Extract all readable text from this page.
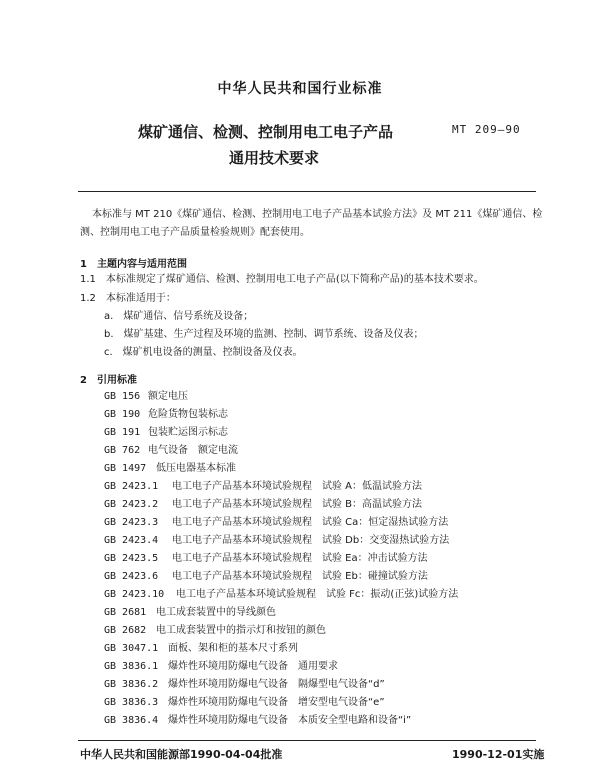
中华人民共和国行业标准
煤矿通信、检测、控制用电工电子产品
通用技术要求
MT 209—90
本标准与 MT 210《煤矿通信、检测、控制用电工电子产品基本试验方法》及 MT 211《煤矿通信、检
测、控制用电工电子产品质量检验规则》配套使用。
1　主题内容与适用范围
1.1　本标准规定了煤矿通信、检测、控制用电工电子产品(以下简称产品)的基本技术要求。
1.2　本标准适用于：
a.　煤矿通信、信号系统及设备；
b.　煤矿基建、生产过程及环境的监测、控制、调节系统、设备及仪表；
c.　煤矿机电设备的测量、控制设备及仪表。
2　引用标准
GB 156 额定电压
GB 190 危险货物包装标志
GB 191 包装贮运图示标志
GB 762 电气设备　额定电流
GB 1497 低压电器基本标准
GB 2423.1 电工电子产品基本环境试验规程　试验 A：低温试验方法
GB 2423.2 电工电子产品基本环境试验规程　试验 B：高温试验方法
GB 2423.3 电工电子产品基本环境试验规程　试验 Ca：恒定湿热试验方法
GB 2423.4 电工电子产品基本环境试验规程　试验 Db：交变湿热试验方法
GB 2423.5 电工电子产品基本环境试验规程　试验 Ea：冲击试验方法
GB 2423.6 电工电子产品基本环境试验规程　试验 Eb：碰撞试验方法
GB 2423.10 电工电子产品基本环境试验规程　试验 Fc：振动(正弦)试验方法
GB 2681 电工成套装置中的导线颜色
GB 2682 电工成套装置中的指示灯和按钮的颜色
GB 3047.1 面板、架和柜的基本尺寸系列
GB 3836.1 爆炸性环境用防爆电气设备　通用要求
GB 3836.2 爆炸性环境用防爆电气设备　隔爆型电气设备“d”
GB 3836.3 爆炸性环境用防爆电气设备　增安型电气设备“e”
GB 3836.4 爆炸性环境用防爆电气设备　本质安全型电路和设备“i”
中华人民共和国能源部1990-04-04批准	1990-12-01实施
